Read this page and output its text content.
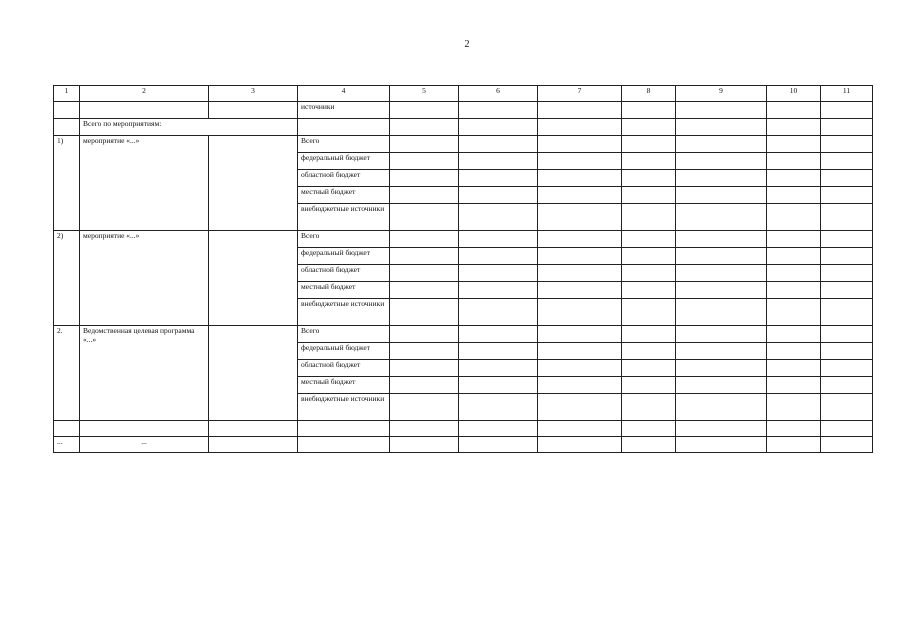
2
1	2	3	4	5	6	7	8	9	10	11
			источники							
	Всего по мероприятиям:									
1)	мероприятие «...»		Всего							
			федеральный бюджет							
			областной бюджет							
			местный бюджет							
			внебюджетные источники							
2)	мероприятие «...»		Всего							
			федеральный бюджет							
			областной бюджет							
			местный бюджет							
			внебюджетные источники							
2.	Ведомственная целевая программа «...»		Всего							
			федеральный бюджет							
			областной бюджет							
			местный бюджет							
			внебюджетные источники							

...	...									
